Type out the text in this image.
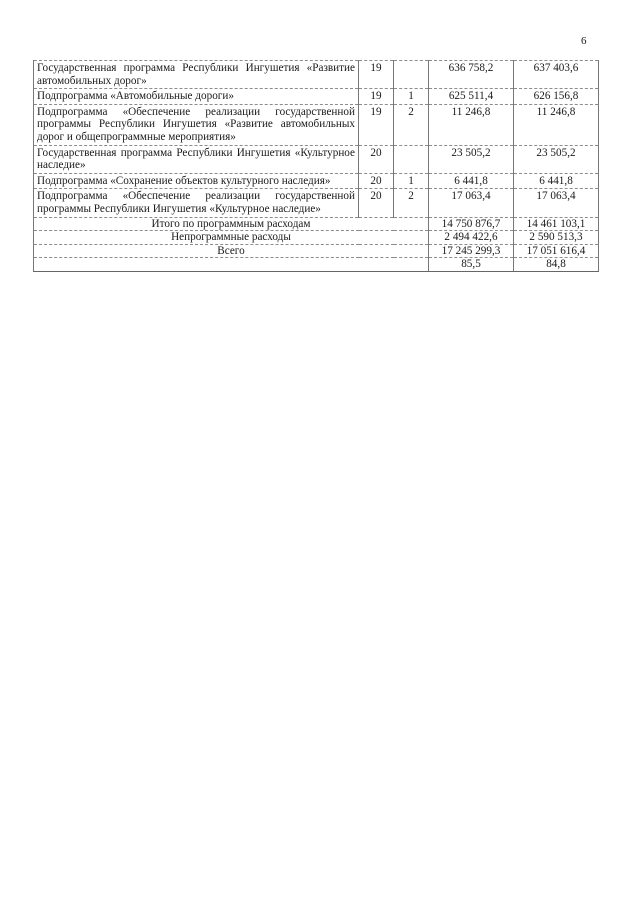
6
Государственная программа Республики Ингушетия «Развитие автомобильных дорог»	19		636 758,2	637 403,6
Подпрограмма «Автомобильные дороги»	19	1	625 511,4	626 156,8
Подпрограмма «Обеспечение реализации государственной программы Республики Ингушетия «Развитие автомобильных дорог и общепрограммные мероприятия»	19	2	11 246,8	11 246,8
Государственная программа Республики Ингушетия «Культурное наследие»	20		23 505,2	23 505,2
Подпрограмма «Сохранение объектов культурного наследия»	20	1	6 441,8	6 441,8
Подпрограмма «Обеспечение реализации государственной программы Республики Ингушетия «Культурное наследие»	20	2	17 063,4	17 063,4
Итого по программным расходам			14 750 876,7	14 461 103,1
Непрограммные расходы			2 494 422,6	2 590 513,3
Всего			17 245 299,3	17 051 616,4
			85,5	84,8
